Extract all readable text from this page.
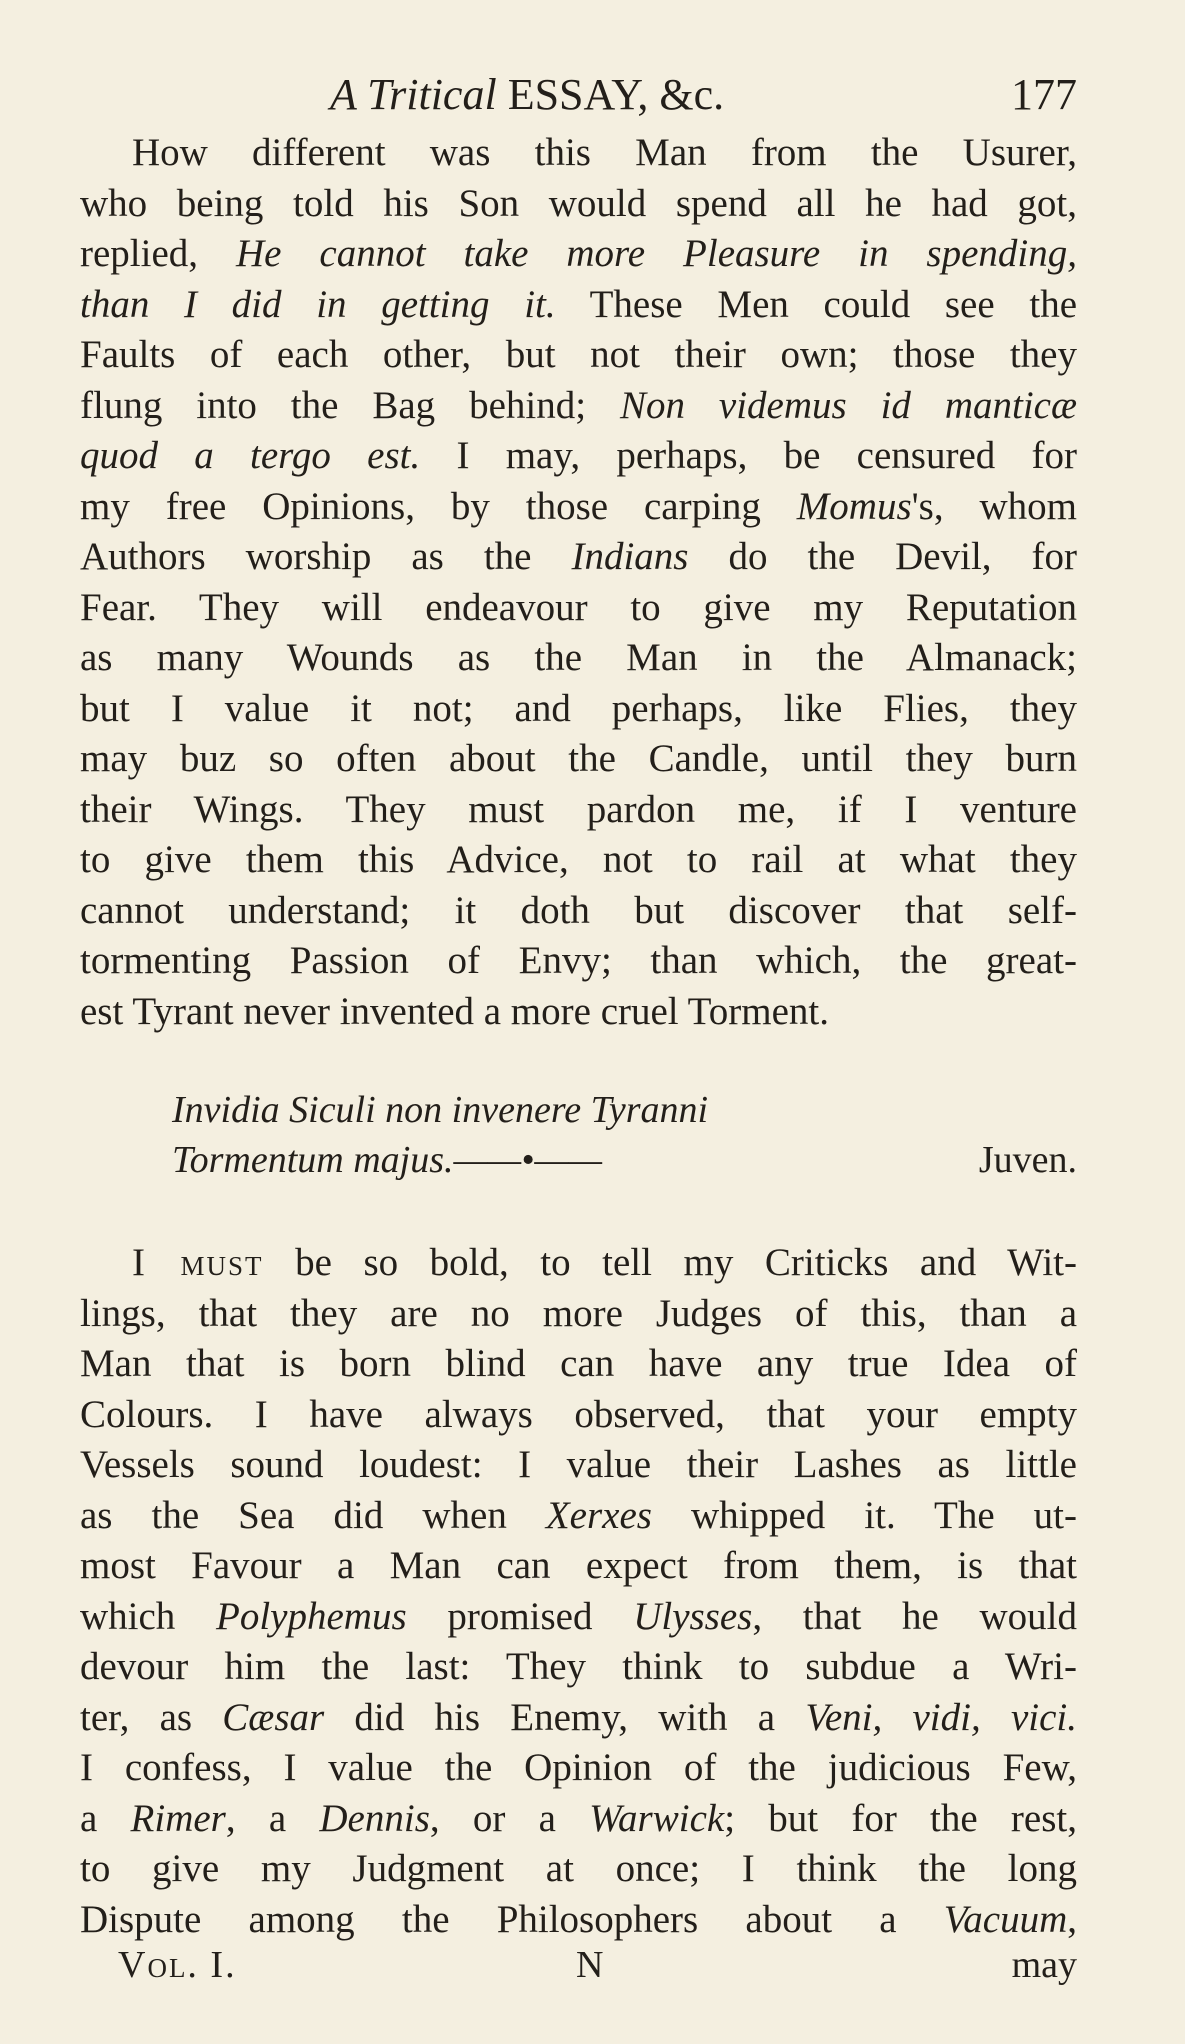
A Tritical ESSAY, &c.	177
How different was this Man from the Usurer,
who being told his Son would spend all he had got,
replied, He cannot take more Pleasure in spending,
than I did in getting it. These Men could see the
Faults of each other, but not their own; those they
flung into the Bag behind; Non videmus id manticæ
quod a tergo est. I may, perhaps, be censured for
my free Opinions, by those carping Momus's, whom
Authors worship as the Indians do the Devil, for
Fear. They will endeavour to give my Reputation
as many Wounds as the Man in the Almanack;
but I value it not; and perhaps, like Flies, they
may buz so often about the Candle, until they burn
their Wings. They must pardon me, if I venture
to give them this Advice, not to rail at what they
cannot understand; it doth but discover that self-
tormenting Passion of Envy; than which, the great-
est Tyrant never invented a more cruel Torment.
Invidia Siculi non invenere Tyranni
Tormentum majus.——•——	Juven.
I must be so bold, to tell my Criticks and Wit-
lings, that they are no more Judges of this, than a
Man that is born blind can have any true Idea of
Colours. I have always observed, that your empty
Vessels sound loudest: I value their Lashes as little
as the Sea did when Xerxes whipped it. The ut-
most Favour a Man can expect from them, is that
which Polyphemus promised Ulysses, that he would
devour him the last: They think to subdue a Wri-
ter, as Cæsar did his Enemy, with a Veni, vidi, vici.
I confess, I value the Opinion of the judicious Few,
a Rimer, a Dennis, or a Warwick; but for the rest,
to give my Judgment at once; I think the long
Dispute among the Philosophers about a Vacuum,
Vol. I.	N	may
